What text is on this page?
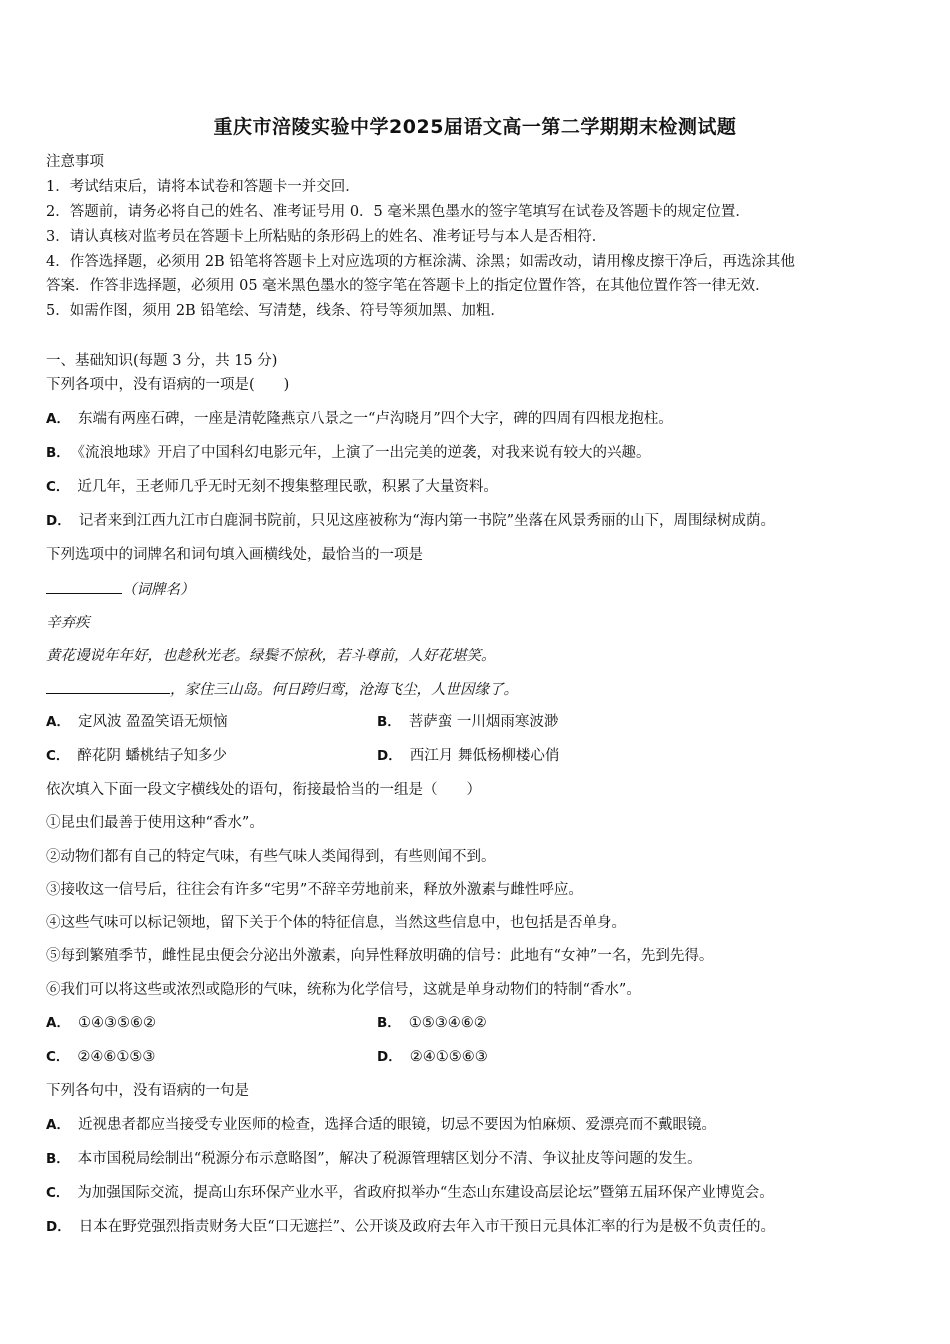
重庆市涪陵实验中学2025届语文高一第二学期期末检测试题
注意事项
1．考试结束后，请将本试卷和答题卡一并交回．
2．答题前，请务必将自己的姓名、准考证号用 0．5 毫米黑色墨水的签字笔填写在试卷及答题卡的规定位置．
3．请认真核对监考员在答题卡上所粘贴的条形码上的姓名、准考证号与本人是否相符．
4．作答选择题，必须用 2B 铅笔将答题卡上对应选项的方框涂满、涂黑；如需改动，请用橡皮擦干净后，再选涂其他
答案．作答非选择题，必须用 05 毫米黑色墨水的签字笔在答题卡上的指定位置作答，在其他位置作答一律无效．
5．如需作图，须用 2B 铅笔绘、写清楚，线条、符号等须加黑、加粗．
一、基础知识(每题 3 分，共 15 分)
下列各项中，没有语病的一项是(　　)
A． 东端有两座石碑，一座是清乾隆燕京八景之一“卢沟晓月”四个大字，碑的四周有四根龙抱柱。
B． 《流浪地球》开启了中国科幻电影元年，上演了一出完美的逆袭，对我来说有较大的兴趣。
C． 近几年，王老师几乎无时无刻不搜集整理民歌，积累了大量资料。
D． 记者来到江西九江市白鹿洞书院前，只见这座被称为“海内第一书院”坐落在风景秀丽的山下，周围绿树成荫。
下列选项中的词牌名和词句填入画横线处，最恰当的一项是
（词牌名）
辛弃疾
黄花谩说年年好，也趁秋光老。绿鬓不惊秋，若斗尊前，人好花堪笑。
，家住三山岛。何日跨归鸾，沧海飞尘，人世因缘了。
A． 定风波 盈盈笑语无烦恼	B． 菩萨蛮 一川烟雨寒波渺
C． 醉花阴 蟠桃结子知多少	D． 西江月 舞低杨柳楼心俏
依次填入下面一段文字横线处的语句，衔接最恰当的一组是（　　）
①昆虫们最善于使用这种“香水”。
②动物们都有自己的特定气味，有些气味人类闻得到，有些则闻不到。
③接收这一信号后，往往会有许多“宅男”不辞辛劳地前来，释放外激素与雌性呼应。
④这些气味可以标记领地，留下关于个体的特征信息，当然这些信息中，也包括是否单身。
⑤每到繁殖季节，雌性昆虫便会分泌出外激素，向异性释放明确的信号：此地有“女神”一名，先到先得。
⑥我们可以将这些或浓烈或隐形的气味，统称为化学信号，这就是单身动物们的特制“香水”。
A． ①④③⑤⑥②	B． ①⑤③④⑥②
C． ②④⑥①⑤③	D． ②④①⑤⑥③
下列各句中，没有语病的一句是
A． 近视患者都应当接受专业医师的检查，选择合适的眼镜，切忌不要因为怕麻烦、爱漂亮而不戴眼镜。
B． 本市国税局绘制出“税源分布示意略图”，解决了税源管理辖区划分不清、争议扯皮等问题的发生。
C． 为加强国际交流，提高山东环保产业水平，省政府拟举办“生态山东建设高层论坛”暨第五届环保产业博览会。
D． 日本在野党强烈指责财务大臣“口无遮拦”、公开谈及政府去年入市干预日元具体汇率的行为是极不负责任的。
